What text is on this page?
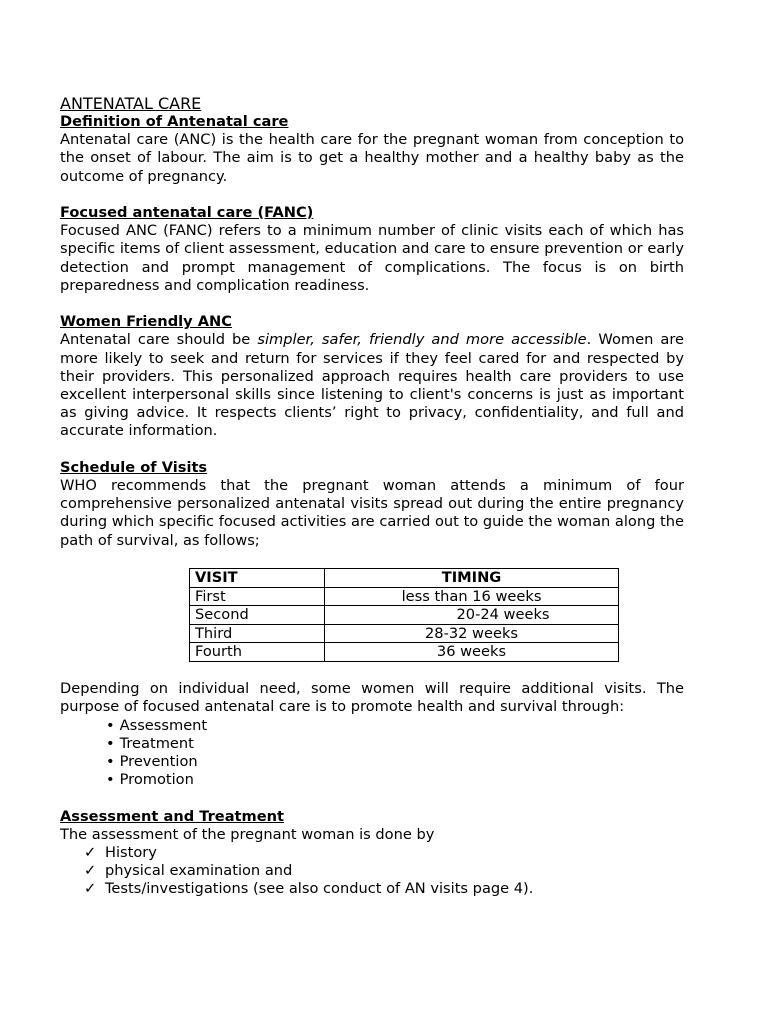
ANTENATAL CARE

Definition of Antenatal care

Antenatal care (ANC) is the health care for the pregnant woman from conception to the onset of labour. The aim is to get a healthy mother and a healthy baby as the outcome of pregnancy.

Focused antenatal care (FANC)

Focused ANC (FANC) refers to a minimum number of clinic visits each of which has specific items of client assessment, education and care to ensure prevention or early detection and prompt management of complications. The focus is on birth preparedness and complication readiness.

Women Friendly ANC

Antenatal care should be simpler, safer, friendly and more accessible. Women are more likely to seek and return for services if they feel cared for and respected by their providers. This personalized approach requires health care providers to use excellent interpersonal skills since listening to client's concerns is just as important as giving advice. It respects clients’ right to privacy, confidentiality, and full and accurate information.

Schedule of Visits

WHO recommends that the pregnant woman attends a minimum of four comprehensive personalized antenatal visits spread out during the entire pregnancy during which specific focused activities are carried out to guide the woman along the path of survival, as follows;

VISIT	TIMING
First	less than 16 weeks
Second	20-24 weeks
Third	28-32 weeks
Fourth	36 weeks

Depending on individual need, some women will require additional visits. The purpose of focused antenatal care is to promote health and survival through:

• Assessment
• Treatment
• Prevention
• Promotion

Assessment and Treatment

The assessment of the pregnant woman is done by

✓ History
✓ physical examination and
✓ Tests/investigations (see also conduct of AN visits page 4).
